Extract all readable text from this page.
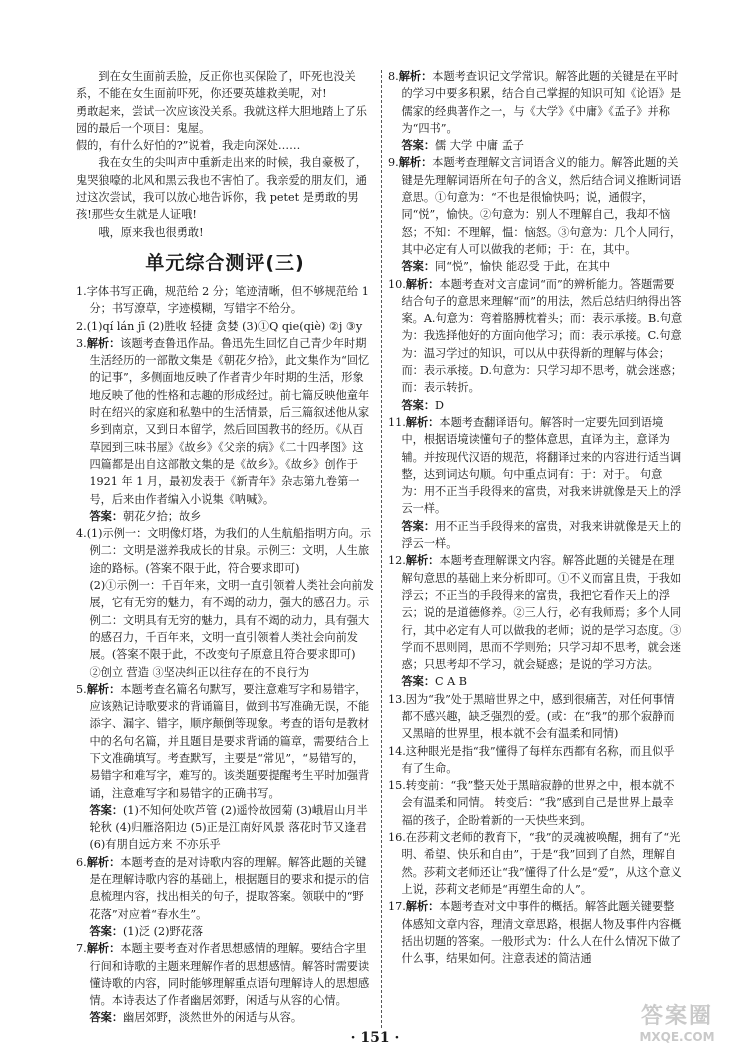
到在女生面前丢脸，反正你也买保险了，吓死也没关系，不能在女生面前吓死，你还要英雄救美呢，对!

勇敢起来，尝试一次应该没关系。我就这样大胆地踏上了乐园的最后一个项目：鬼屋。

假的，有什么好怕的?”说着，我走向深处……

我在女生的尖叫声中重新走出来的时候，我自豪极了，鬼哭狼嚎的北风和黑云我也不害怕了。我亲爱的朋友们，通过这次尝试，我可以放心地告诉你，我 petet 是勇敢的男孩!那些女生就是人证哦!

哦，原来我也很勇敢!

单元综合测评(三)

1.字体书写正确，规范给 2 分；笔迹清晰，但不够规范给 1 分；书写潦草，字迹模糊，写错字不给分。

2.(1)qí lán jī (2)胜收 轻捷 贪婪 (3)①Q qie(qiè) ②j ③y

3.解析：该题考查鲁迅作品。鲁迅先生回忆自己青少年时期生活经历的一部散文集是《朝花夕拾》，此文集作为“回忆的记事”，多侧面地反映了作者青少年时期的生活，形象地反映了他的性格和志趣的形成经过。前七篇反映他童年时在绍兴的家庭和私塾中的生活情景，后三篇叙述他从家乡到南京，又到日本留学，然后回国教书的经历。《从百草园到三味书屋》《故乡》《父亲的病》《二十四孝图》这四篇都是出自这部散文集的是《故乡》。《故乡》创作于 1921 年 1 月，最初发表于《新青年》杂志第九卷第一号，后来由作者编入小说集《呐喊》。

答案：朝花夕拾；故乡

4.(1)示例一：文明像灯塔，为我们的人生航船指明方向。示例二：文明是滋养我成长的甘泉。示例三：文明，人生旅途的路标。(答案不限于此，符合要求即可)

(2)①示例一：千百年来，文明一直引领着人类社会向前发展，它有无穷的魅力，有不竭的动力，强大的感召力。示例二：文明具有无穷的魅力，具有不竭的动力，具有强大的感召力，千百年来，文明一直引领着人类社会向前发展。(答案不限于此，不改变句子原意且符合要求即可)

②创立 营造 ③坚决纠正以往存在的不良行为

5.解析：本题考查名篇名句默写，要注意难写字和易错字，应该熟记诗歌要求的背诵篇目，做到书写准确无误，不能添字、漏字、错字，顺序颠倒等现象。考查的语句是教材中的名句名篇，并且题目是要求背诵的篇章，需要结合上下文准确填写。考查默写，主要是“常见”，“易错写的，易错字和难写字，难写的。该类题要提醒考生平时加强背诵，注意难写字和易错字的正确书写。

答案：(1)不知何处吹芦管 (2)遥怜故园菊 (3)峨眉山月半轮秋 (4)归雁洛阳边 (5)正是江南好风景 落花时节又逢君 (6)有朋自远方来 不亦乐乎

6.解析：本题考查的是对诗歌内容的理解。解答此题的关键是在理解诗歌内容的基础上，根据题目的要求和提示的信息梳理内容，找出相关的句子，提取答案。领联中的“野花落”对应着“春水生”。

答案：(1)泛 (2)野花落

7.解析：本题主要考查对作者思想感情的理解。要结合字里行间和诗歌的主题来理解作者的思想感情。解答时需要读懂诗歌的内容，同时能够理解重点语句理解诗人的思想感情。本诗表达了作者幽居郊野，闲适与从容的心情。

答案：幽居郊野，淡然世外的闲适与从容。

8.解析：本题考查识记文学常识。解答此题的关键是在平时的学习中要多积累，结合自己掌握的知识可知《论语》是儒家的经典著作之一，与《大学》《中庸》《孟子》并称为“四书”。

答案：儒 大学 中庸 孟子

9.解析：本题考查理解文言词语含义的能力。解答此题的关键是先理解词语所在句子的含义，然后结合词义推断词语意思。①句意为：“不也是很愉快吗；说，通假字，同“悦”，愉快。②句意为：别人不理解自己，我却不恼怒；不知：不理解，愠：恼怒。③句意为：几个人同行，其中必定有人可以做我的老师；于：在，其中。

答案：同“悦”，愉快 能忍受 于此，在其中

10.解析：本题考查对文言虚词“而”的辨析能力。答题需要结合句子的意思来理解“而”的用法，然后总结归纳得出答案。A.句意为：弯着胳膊枕着头；而：表示承接。B.句意为：我选择他好的方面向他学习；而：表示承接。C.句意为：温习学过的知识，可以从中获得新的理解与体会；而：表示承接。D.句意为：只学习却不思考，就会迷惑；而：表示转折。

答案：D

11.解析：本题考查翻译语句。解答时一定要先回到语境中，根据语境读懂句子的整体意思，直译为主，意译为辅。并按现代汉语的规范，将翻译过来的内容进行适当调整，达到词达句顺。句中重点词有：于：对于。 句意为：用不正当手段得来的富贵，对我来讲就像是天上的浮云一样。

答案：用不正当手段得来的富贵，对我来讲就像是天上的浮云一样。

12.解析：本题考查理解课文内容。解答此题的关键是在理解句意思的基础上来分析即可。①不义而富且贵，于我如浮云；不正当的手段得来的富贵，我把它看作天上的浮云；说的是道德修养。②三人行，必有我师焉；多个人同行，其中必定有人可以做我的老师；说的是学习态度。③学而不思则罔，思而不学则殆；只学习却不思考，就会迷惑；只思考却不学习，就会疑惑；是说的学习方法。

答案：C A B

13.因为“我”处于黑暗世界之中，感到很痛苦，对任何事情都不感兴趣，缺乏强烈的爱。(或：在“我”的那个寂静而又黑暗的世界里，根本就不会有温柔和同情)

14.这种眼光是指“我”懂得了每样东西都有名称，而且似乎有了生命。

15.转变前：“我”整天处于黑暗寂静的世界之中，根本就不会有温柔和同情。 转变后：“我”感到自己是世界上最幸福的孩子，企盼着新的一天快些来到。

16.在莎莉文老师的教育下，“我”的灵魂被唤醒，拥有了“光明、希望、快乐和自由”，于是“我”回到了自然，理解自然。莎莉文老师还让“我”懂得了什么是“爱”，从这个意义上说，莎莉文老师是“再塑生命的人”。

17.解析：本题考查对文中事件的概括。解答此题关键要整体感知文章内容，理清文章思路，根据人物及事件内容概括出切题的答案。一般形式为：什么人在什么情况下做了什么事，结果如何。注意表述的简洁通

· 151 ·
答案圈
MXQE.COM
